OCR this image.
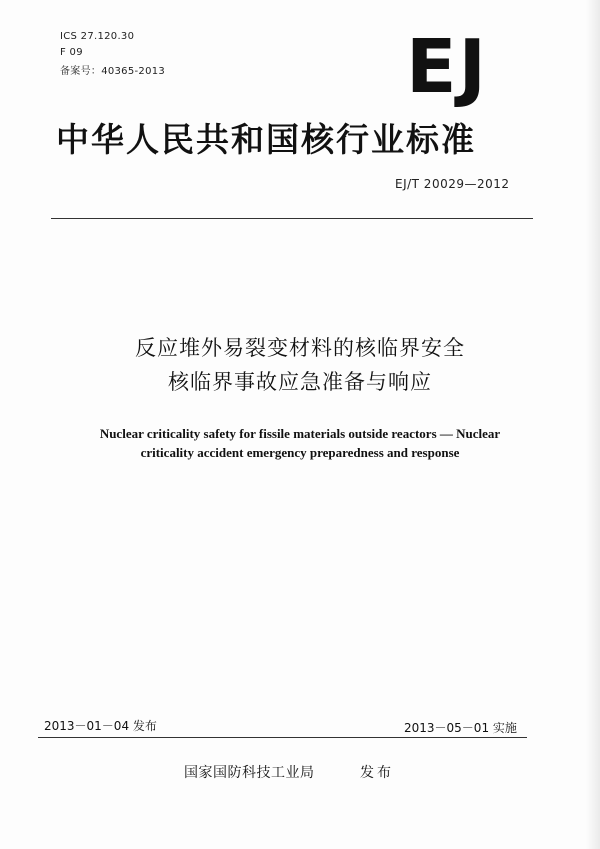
ICS 27.120.30
F 09
备案号：40365-2013	EJ
中华人民共和国核行业标准
EJ/T 20029—2012
反应堆外易裂变材料的核临界安全
核临界事故应急准备与响应
Nuclear criticality safety for fissile materials outside reactors — Nuclear
criticality accident emergency preparedness and response
2013－01－04 发布	2013－05－01 实施
国家国防科技工业局	发布
